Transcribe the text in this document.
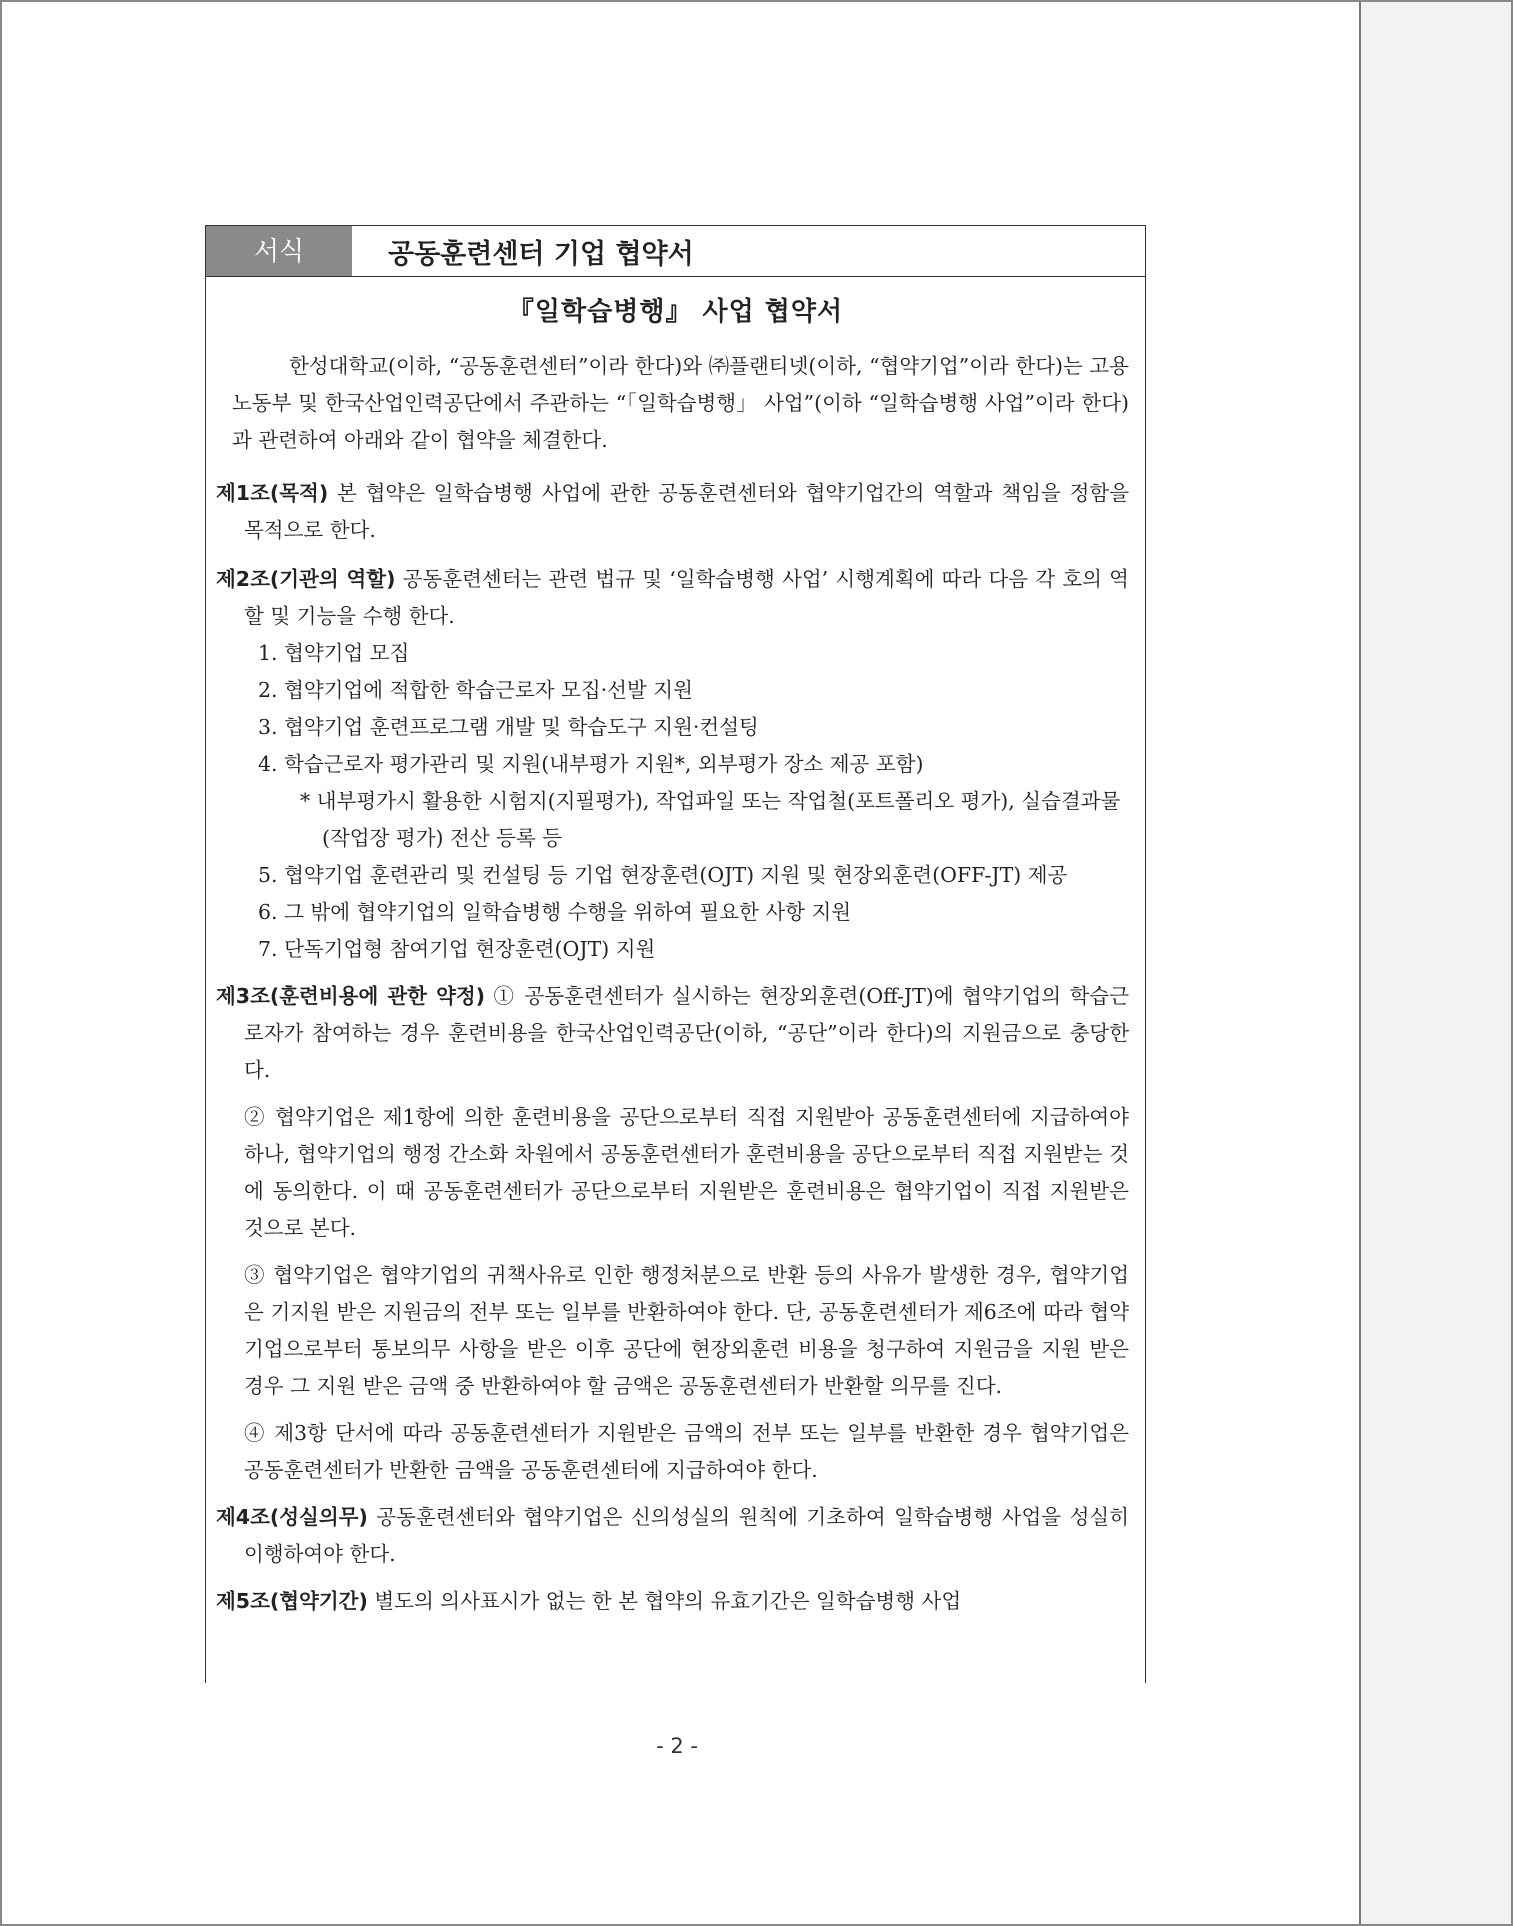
서식	공동훈련센터 기업 협약서
『일학습병행』 사업 협약서

한성대학교(이하, “공동훈련센터”이라 한다)와 ㈜플랜티넷(이하, “협약기업”이라 한다)는 고용노동부 및 한국산업인력공단에서 주관하는 “「일학습병행」 사업”(이하 “일학습병행 사업”이라 한다)과 관련하여 아래와 같이 협약을 체결한다.

제1조(목적) 본 협약은 일학습병행 사업에 관한 공동훈련센터와 협약기업간의 역할과 책임을 정함을 목적으로 한다.

제2조(기관의 역할) 공동훈련센터는 관련 법규 및 ‘일학습병행 사업’ 시행계획에 따라 다음 각 호의 역할 및 기능을 수행 한다.

1. 협약기업 모집
2. 협약기업에 적합한 학습근로자 모집·선발 지원
3. 협약기업 훈련프로그램 개발 및 학습도구 지원·컨설팅
4. 학습근로자 평가관리 및 지원(내부평가 지원*, 외부평가 장소 제공 포함)
* 내부평가시 활용한 시험지(지필평가), 작업파일 또는 작업철(포트폴리오 평가), 실습결과물(작업장 평가) 전산 등록 등
5. 협약기업 훈련관리 및 컨설팅 등 기업 현장훈련(OJT) 지원 및 현장외훈련(OFF-JT) 제공
6. 그 밖에 협약기업의 일학습병행 수행을 위하여 필요한 사항 지원
7. 단독기업형 참여기업 현장훈련(OJT) 지원

제3조(훈련비용에 관한 약정) ① 공동훈련센터가 실시하는 현장외훈련(Off-JT)에 협약기업의 학습근로자가 참여하는 경우 훈련비용을 한국산업인력공단(이하, “공단”이라 한다)의 지원금으로 충당한다.

② 협약기업은 제1항에 의한 훈련비용을 공단으로부터 직접 지원받아 공동훈련센터에 지급하여야 하나, 협약기업의 행정 간소화 차원에서 공동훈련센터가 훈련비용을 공단으로부터 직접 지원받는 것에 동의한다. 이 때 공동훈련센터가 공단으로부터 지원받은 훈련비용은 협약기업이 직접 지원받은 것으로 본다.

③ 협약기업은 협약기업의 귀책사유로 인한 행정처분으로 반환 등의 사유가 발생한 경우, 협약기업은 기지원 받은 지원금의 전부 또는 일부를 반환하여야 한다. 단, 공동훈련센터가 제6조에 따라 협약기업으로부터 통보의무 사항을 받은 이후 공단에 현장외훈련 비용을 청구하여 지원금을 지원 받은 경우 그 지원 받은 금액 중 반환하여야 할 금액은 공동훈련센터가 반환할 의무를 진다.

④ 제3항 단서에 따라 공동훈련센터가 지원받은 금액의 전부 또는 일부를 반환한 경우 협약기업은 공동훈련센터가 반환한 금액을 공동훈련센터에 지급하여야 한다.

제4조(성실의무) 공동훈련센터와 협약기업은 신의성실의 원칙에 기초하여 일학습병행 사업을 성실히 이행하여야 한다.

제5조(협약기간) 별도의 의사표시가 없는 한 본 협약의 유효기간은 일학습병행 사업

- 2 -
